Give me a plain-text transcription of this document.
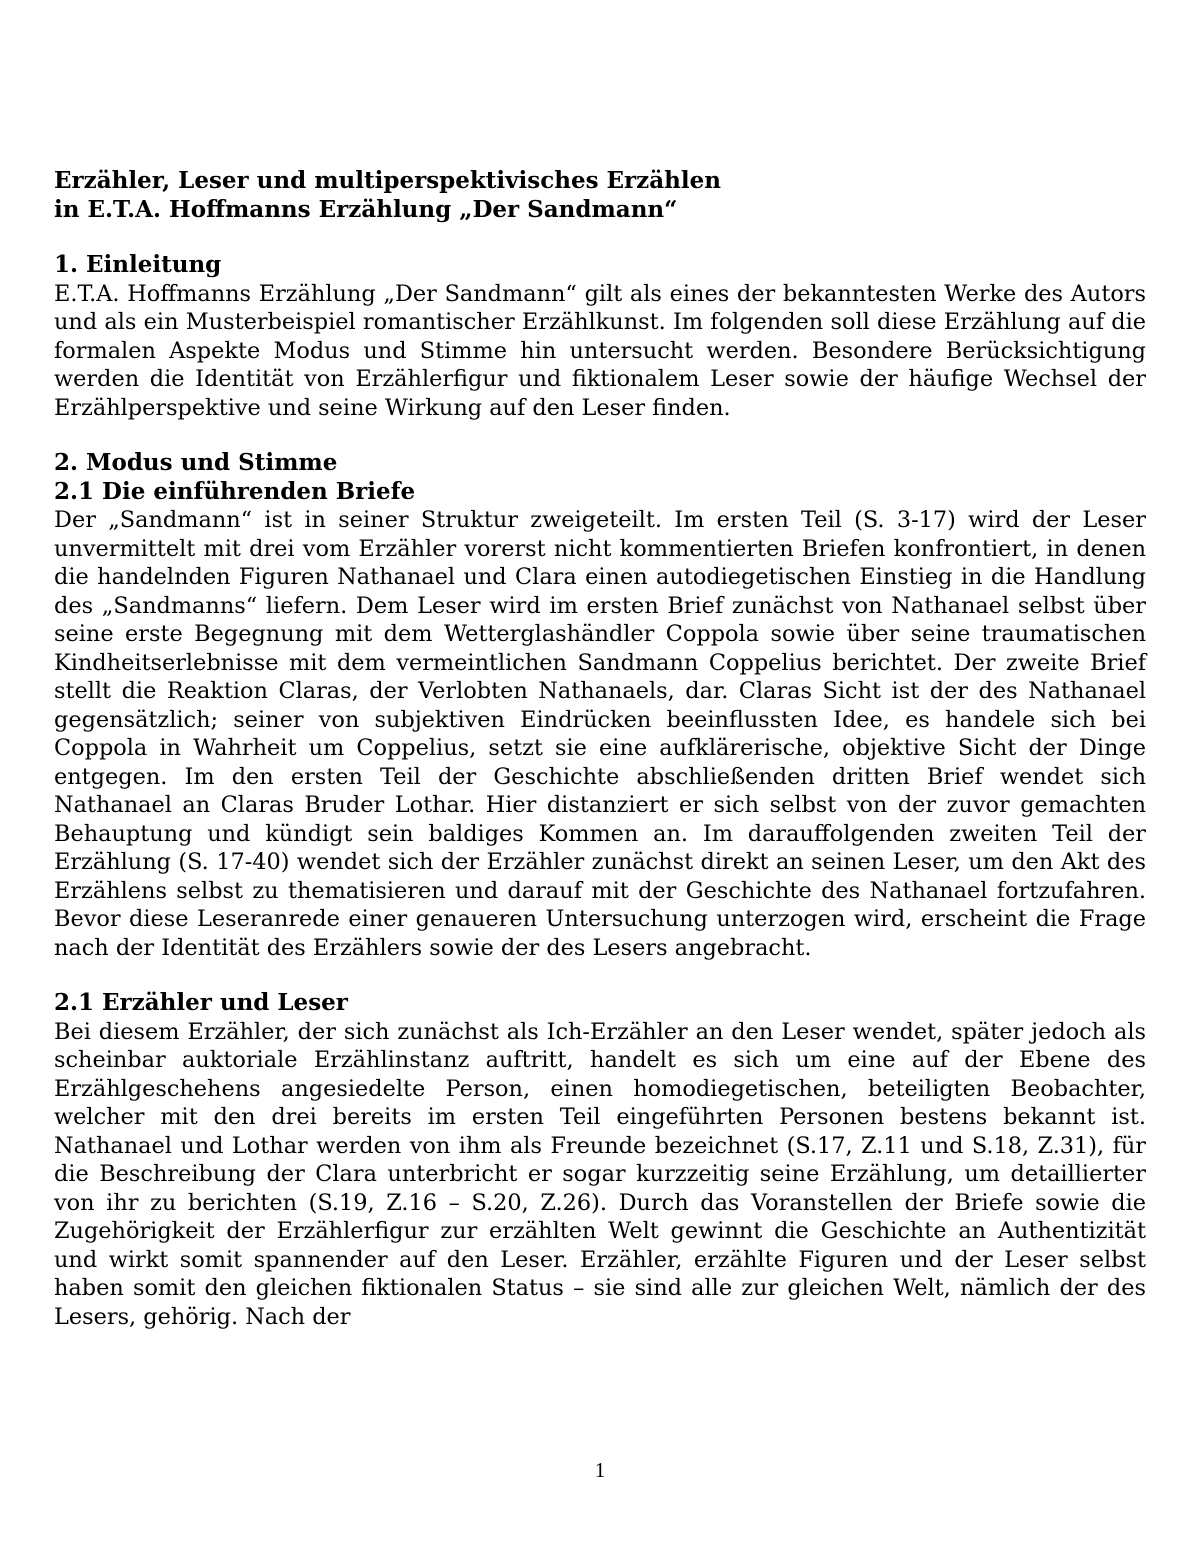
Erzähler, Leser und multiperspektivisches Erzählen
in E.T.A. Hoffmanns Erzählung „Der Sandmann“
1. Einleitung

E.T.A. Hoffmanns Erzählung „Der Sandmann“ gilt als eines der bekanntesten Werke des Autors und als ein Musterbeispiel romantischer Erzählkunst. Im folgenden soll diese Erzählung auf die formalen Aspekte Modus und Stimme hin untersucht werden. Besondere Berücksichtigung werden die Identität von Erzählerfigur und fiktionalem Leser sowie der häufige Wechsel der Erzählperspektive und seine Wirkung auf den Leser finden.

2. Modus und Stimme
2.1 Die einführenden Briefe

Der „Sandmann“ ist in seiner Struktur zweigeteilt. Im ersten Teil (S. 3-17) wird der Leser unvermittelt mit drei vom Erzähler vorerst nicht kommentierten Briefen konfrontiert, in denen die handelnden Figuren Nathanael und Clara einen autodiegetischen Einstieg in die Handlung des „Sandmanns“ liefern. Dem Leser wird im ersten Brief zunächst von Nathanael selbst über seine erste Begegnung mit dem Wetterglashändler Coppola sowie über seine traumatischen Kindheitserlebnisse mit dem vermeintlichen Sandmann Coppelius berichtet. Der zweite Brief stellt die Reaktion Claras, der Verlobten Nathanaels, dar. Claras Sicht ist der des Nathanael gegensätzlich; seiner von subjektiven Eindrücken beeinflussten Idee, es handele sich bei Coppola in Wahrheit um Coppelius, setzt sie eine aufklärerische, objektive Sicht der Dinge entgegen. Im den ersten Teil der Geschichte abschließenden dritten Brief wendet sich Nathanael an Claras Bruder Lothar. Hier distanziert er sich selbst von der zuvor gemachten Behauptung und kündigt sein baldiges Kommen an. Im darauffolgenden zweiten Teil der Erzählung (S. 17-40) wendet sich der Erzähler zunächst direkt an seinen Leser, um den Akt des Erzählens selbst zu thematisieren und darauf mit der Geschichte des Nathanael fortzufahren. Bevor diese Leseranrede einer genaueren Untersuchung unterzogen wird, erscheint die Frage nach der Identität des Erzählers sowie der des Lesers angebracht.

2.1 Erzähler und Leser

Bei diesem Erzähler, der sich zunächst als Ich-Erzähler an den Leser wendet, später jedoch als scheinbar auktoriale Erzählinstanz auftritt, handelt es sich um eine auf der Ebene des Erzählgeschehens angesiedelte Person, einen homodiegetischen, beteiligten Beobachter, welcher mit den drei bereits im ersten Teil eingeführten Personen bestens bekannt ist. Nathanael und Lothar werden von ihm als Freunde bezeichnet (S.17, Z.11 und S.18, Z.31), für die Beschreibung der Clara unterbricht er sogar kurzzeitig seine Erzählung, um detaillierter von ihr zu berichten (S.19, Z.16 – S.20, Z.26). Durch das Voranstellen der Briefe sowie die Zugehörigkeit der Erzählerfigur zur erzählten Welt gewinnt die Geschichte an Authentizität und wirkt somit spannender auf den Leser. Erzähler, erzählte Figuren und der Leser selbst haben somit den gleichen fiktionalen Status – sie sind alle zur gleichen Welt, nämlich der des Lesers, gehörig. Nach der

1
